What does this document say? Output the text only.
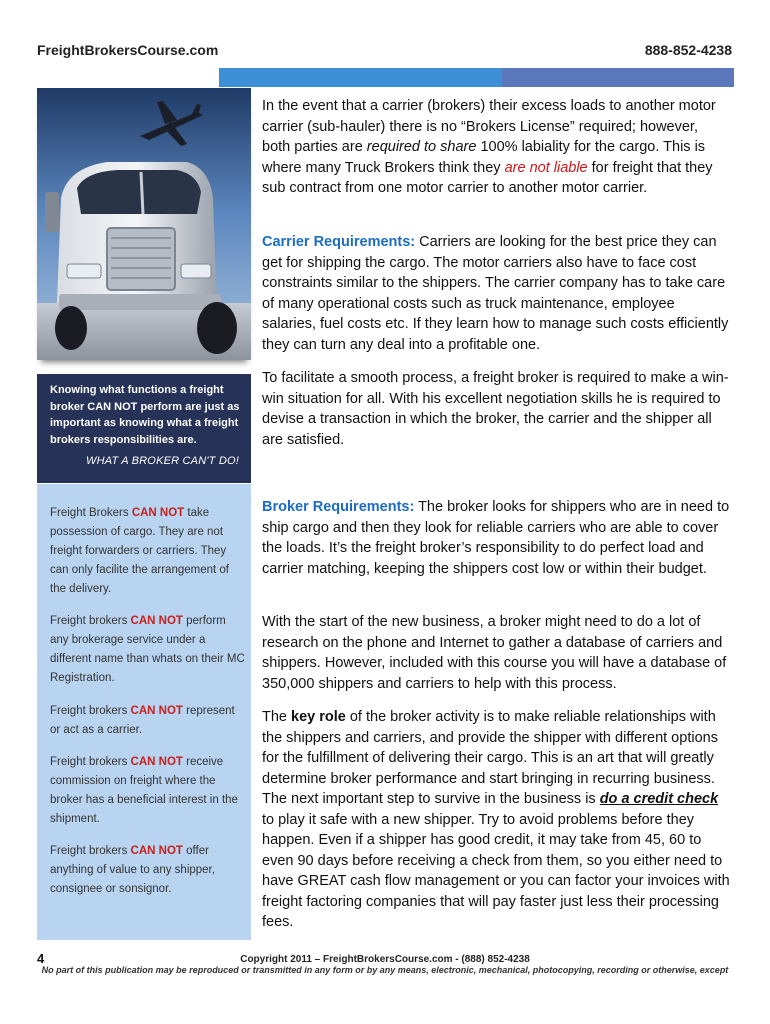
FreightBrokersCourse.com	888-852-4238
Knowing what functions a freight broker CAN NOT perform are just as important as knowing what a freight brokers responsibilities are.
WHAT A BROKER CAN'T DO!
Freight Brokers CAN NOT take possession of cargo. They are not freight forwarders or carriers. They can only facilite the arrangement of the delivery.
Freight brokers CAN NOT perform any brokerage service under a different name than whats on their MC Registration.
Freight brokers CAN NOT represent or act as a carrier.
Freight brokers CAN NOT receive commission on freight where the broker has a beneficial interest in the shipment.
Freight brokers CAN NOT offer anything of value to any shipper, consignee or sonsignor.
In the event that a carrier (brokers) their excess loads to another motor carrier (sub-hauler) there is no “Brokers License” required; however, both parties are required to share 100% labiality for the cargo. This is where many Truck Brokers think they are not liable for freight that they sub contract from one motor carrier to another motor carrier.
Carrier Requirements: Carriers are looking for the best price they can get for shipping the cargo. The motor carriers also have to face cost constraints similar to the shippers. The carrier company has to take care of many operational costs such as truck maintenance, employee salaries, fuel costs etc. If they learn how to manage such costs efficiently they can turn any deal into a profitable one.
To facilitate a smooth process, a freight broker is required to make a win- win situation for all. With his excellent negotiation skills he is required to devise a transaction in which the broker, the carrier and the shipper all are satisfied.
Broker Requirements: The broker looks for shippers who are in need to ship cargo and then they look for reliable carriers who are able to cover the loads. It’s the freight broker’s responsibility to do perfect load and carrier matching, keeping the shippers cost low or within their budget.
With the start of the new business, a broker might need to do a lot of research on the phone and Internet to gather a database of carriers and shippers. However, included with this course you will have a database of 350,000 shippers and carriers to help with this process.
The key role of the broker activity is to make reliable relationships with the shippers and carriers, and provide the shipper with different options for the fulfillment of delivering their cargo. This is an art that will greatly determine broker performance and start bringing in recurring business. The next important step to survive in the business is do a credit check to play it safe with a new shipper. Try to avoid problems before they happen. Even if a shipper has good credit, it may take from 45, 60 to even 90 days before receiving a check from them, so you either need to have GREAT cash flow management or you can factor your invoices with freight factoring companies that will pay faster just less their processing fees.
4	Copyright 2011 – FreightBrokersCourse.com - (888) 852-4238
No part of this publication may be reproduced or transmitted in any form or by any means, electronic, mechanical, photocopying, recording or otherwise, except
